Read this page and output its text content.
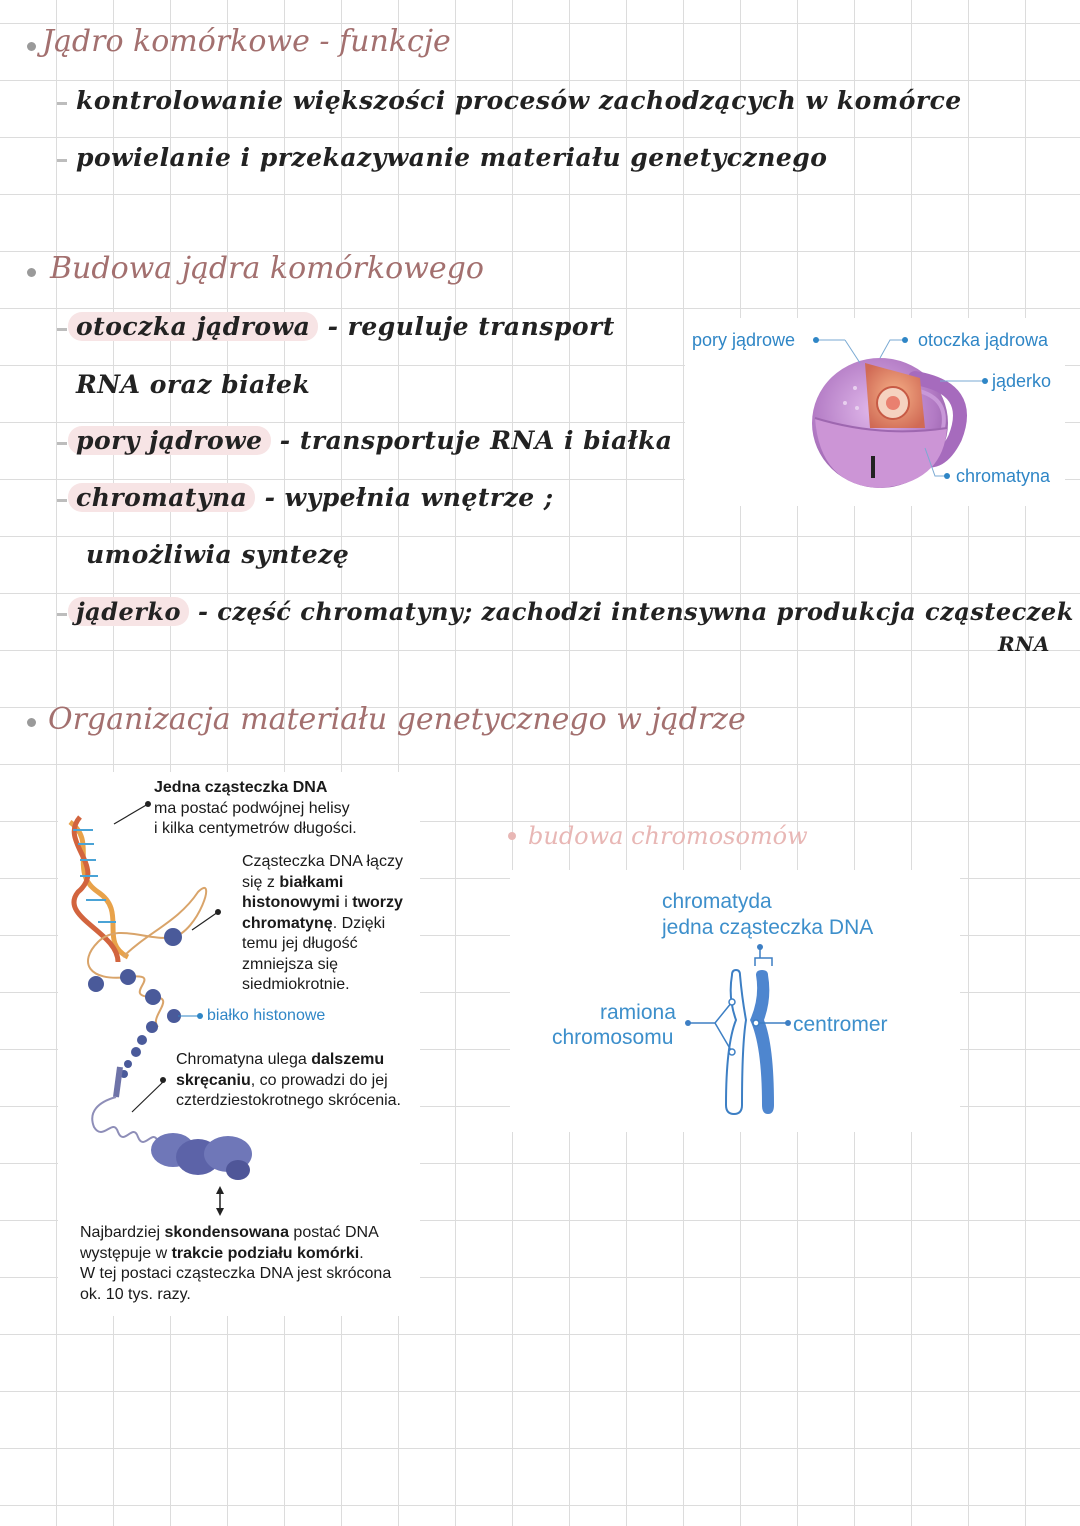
Jądro komórkowe - funkcje
kontrolowanie większości procesów zachodzących w komórce
powielanie i przekazywanie materiału genetycznego
Budowa jądra komórkowego
otoczka jądrowa - reguluje transport
RNA oraz białek
pory jądrowe - transportuje RNA i białka
chromatyna - wypełnia wnętrze ;
umożliwia syntezę
jąderko - część chromatyny; zachodzi intensywna produkcja cząsteczek
RNA
pory jądrowe	otoczka jądrowa
jąderko
chromatyna
Organizacja materiału genetycznego w jądrze
Jedna cząsteczka DNA
ma postać podwójnej helisy
i kilka centymetrów długości.
Cząsteczka DNA łączy
się z białkami
histonowymi i tworzy
chromatynę. Dzięki
temu jej długość
zmniejsza się
siedmiokrotnie.
białko histonowe
Chromatyna ulega dalszemu
skręcaniu, co prowadzi do jej
czterdziestokrotnego skrócenia.
Najbardziej skondensowana postać DNA
występuje w trakcie podziału komórki.
W tej postaci cząsteczka DNA jest skrócona
ok. 10 tys. razy.
budowa chromosomów
chromatyda
jedna cząsteczka DNA
ramiona
chromosomu
centromer
